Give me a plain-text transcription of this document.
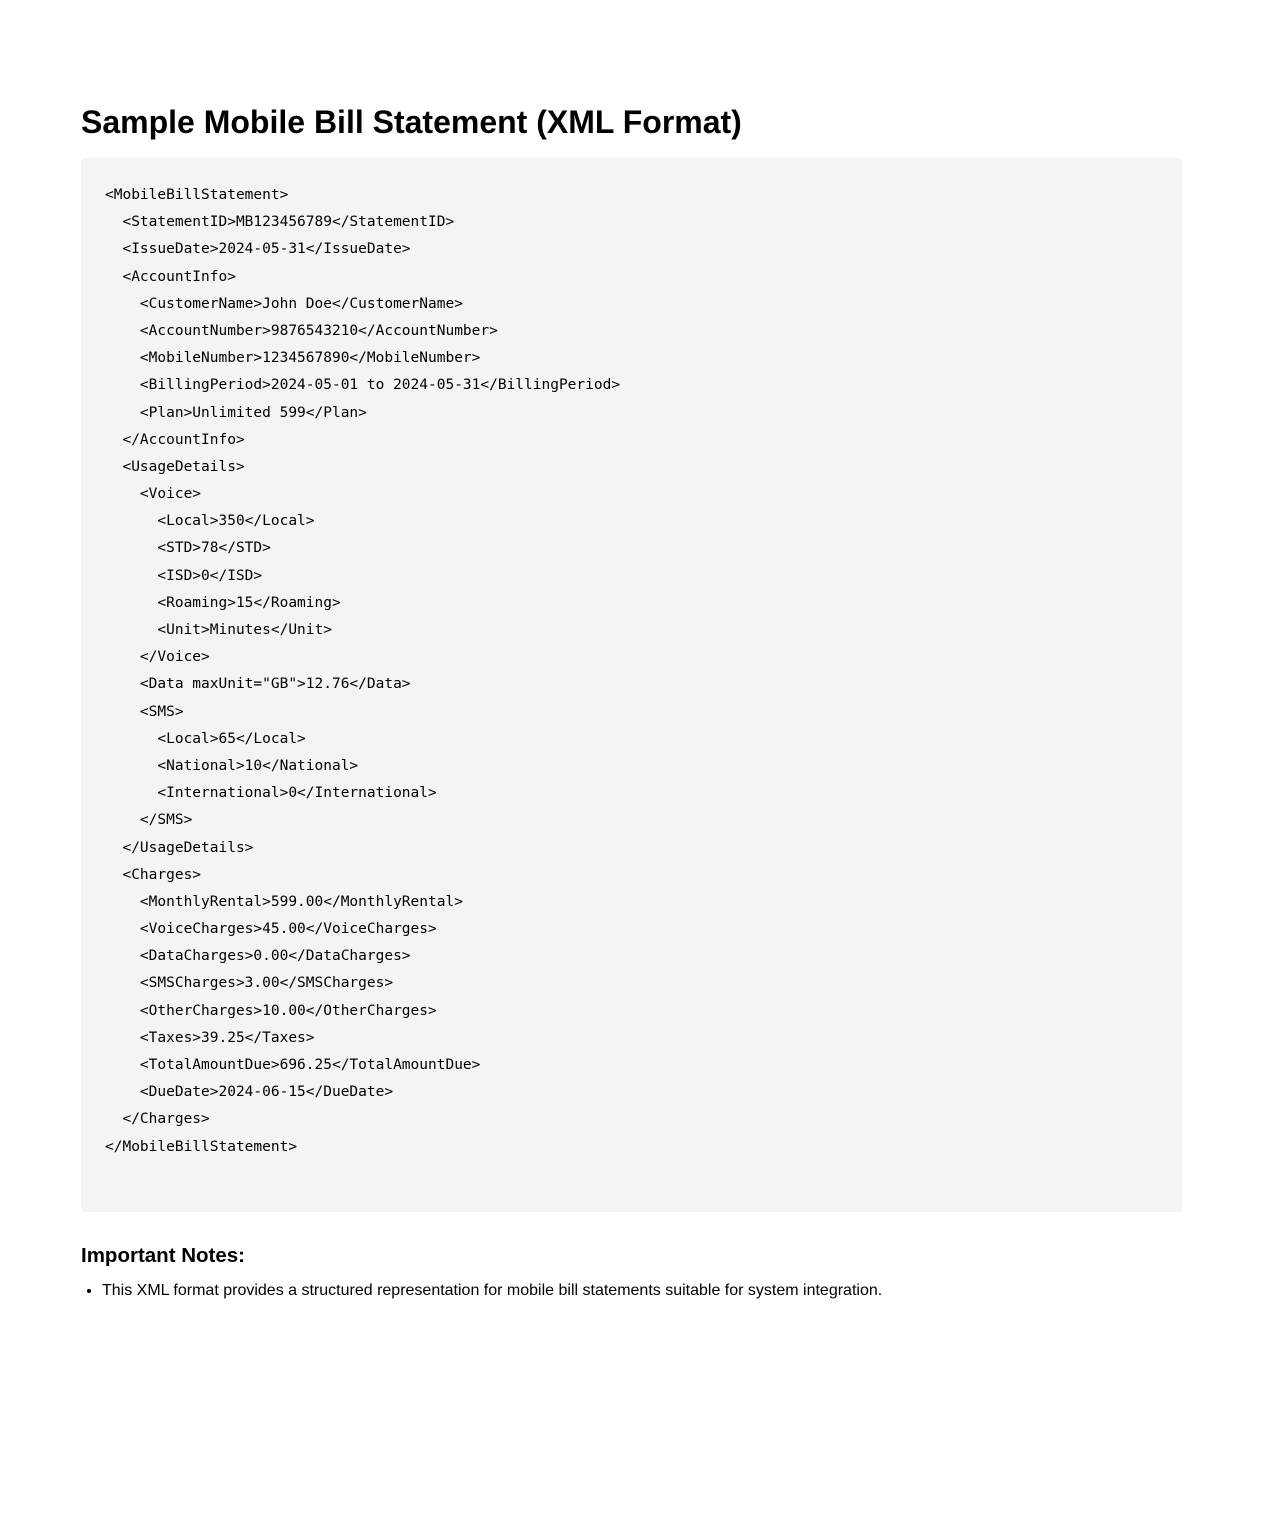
Sample Mobile Bill Statement (XML Format)
<MobileBillStatement>
<StatementID>MB123456789</StatementID>
<IssueDate>2024-05-31</IssueDate>
<AccountInfo>
<CustomerName>John Doe</CustomerName>
<AccountNumber>9876543210</AccountNumber>
<MobileNumber>1234567890</MobileNumber>
<BillingPeriod>2024-05-01 to 2024-05-31</BillingPeriod>
<Plan>Unlimited 599</Plan>
</AccountInfo>
<UsageDetails>
<Voice>
<Local>350</Local>
<STD>78</STD>
<ISD>0</ISD>
<Roaming>15</Roaming>
<Unit>Minutes</Unit>
</Voice>
<Data maxUnit="GB">12.76</Data>
<SMS>
<Local>65</Local>
<National>10</National>
<International>0</International>
</SMS>
</UsageDetails>
<Charges>
<MonthlyRental>599.00</MonthlyRental>
<VoiceCharges>45.00</VoiceCharges>
<DataCharges>0.00</DataCharges>
<SMSCharges>3.00</SMSCharges>
<OtherCharges>10.00</OtherCharges>
<Taxes>39.25</Taxes>
<TotalAmountDue>696.25</TotalAmountDue>
<DueDate>2024-06-15</DueDate>
</Charges>
</MobileBillStatement>
Important Notes:
• This XML format provides a structured representation for mobile bill statements suitable for system integration.
